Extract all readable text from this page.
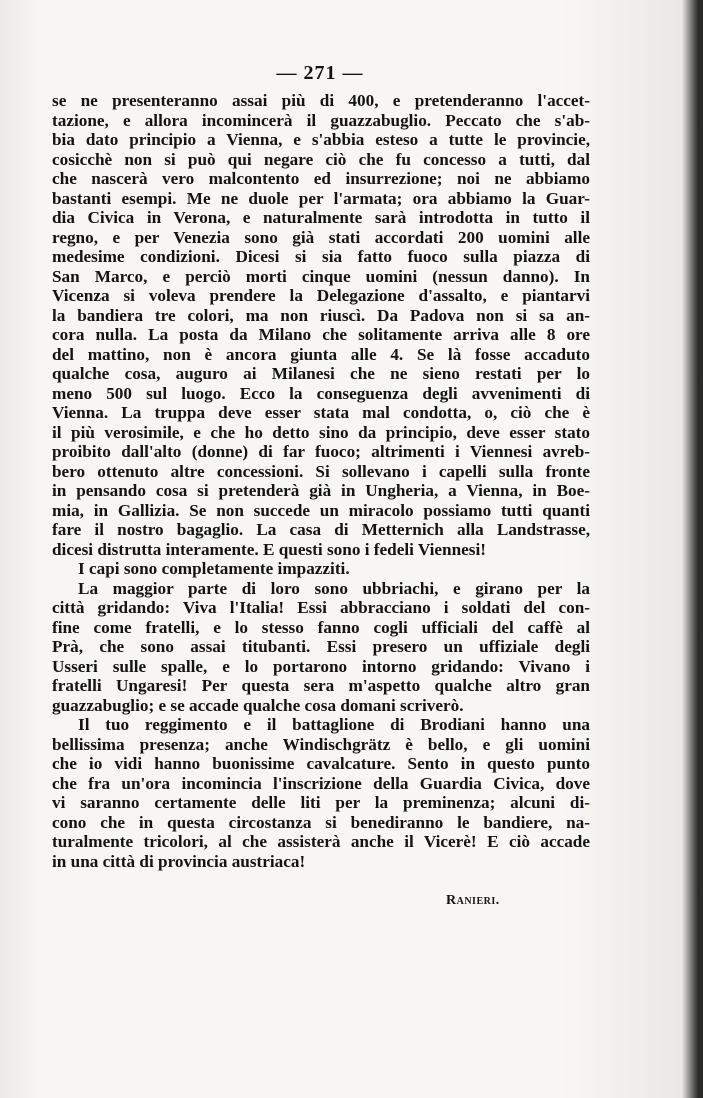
— 271 —
se ne presenteranno assai più di 400, e pretenderanno l'accet-
tazione, e allora incomincerà il guazzabuglio. Peccato che s'ab-
bia dato principio a Vienna, e s'abbia esteso a tutte le provincie,
cosicchè non si può qui negare ciò che fu concesso a tutti, dal
che nascerà vero malcontento ed insurrezione; noi ne abbiamo
bastanti esempi. Me ne duole per l'armata; ora abbiamo la Guar-
dia Civica in Verona, e naturalmente sarà introdotta in tutto il
regno, e per Venezia sono già stati accordati 200 uomini alle
medesime condizioni. Dicesi si sia fatto fuoco sulla piazza di
San Marco, e perciò morti cinque uomini (nessun danno). In
Vicenza si voleva prendere la Delegazione d'assalto, e piantarvi
la bandiera tre colori, ma non riuscì. Da Padova non si sa an-
cora nulla. La posta da Milano che solitamente arriva alle 8 ore
del mattino, non è ancora giunta alle 4. Se là fosse accaduto
qualche cosa, auguro ai Milanesi che ne sieno restati per lo
meno 500 sul luogo. Ecco la conseguenza degli avvenimenti di
Vienna. La truppa deve esser stata mal condotta, o, ciò che è
il più verosimile, e che ho detto sino da principio, deve esser stato
proibito dall'alto (donne) di far fuoco; altrimenti i Viennesi avreb-
bero ottenuto altre concessioni. Si sollevano i capelli sulla fronte
in pensando cosa si pretenderà già in Ungheria, a Vienna, in Boe-
mia, in Gallizia. Se non succede un miracolo possiamo tutti quanti
fare il nostro bagaglio. La casa di Metternich alla Landstrasse,
dicesi distrutta interamente. E questi sono i fedeli Viennesi!
I capi sono completamente impazziti.
La maggior parte di loro sono ubbriachi, e girano per la
città gridando: Viva l'Italia! Essi abbracciano i soldati del con-
fine come fratelli, e lo stesso fanno cogli ufficiali del caffè al
Prà, che sono assai titubanti. Essi presero un uffiziale degli
Usseri sulle spalle, e lo portarono intorno gridando: Vivano i
fratelli Ungaresi! Per questa sera m'aspetto qualche altro gran
guazzabuglio; e se accade qualche cosa domani scriverò.
Il tuo reggimento e il battaglione di Brodiani hanno una
bellissima presenza; anche Windischgrätz è bello, e gli uomini
che io vidi hanno buonissime cavalcature. Sento in questo punto
che fra un'ora incomincia l'inscrizione della Guardia Civica, dove
vi saranno certamente delle liti per la preminenza; alcuni di-
cono che in questa circostanza si benediranno le bandiere, na-
turalmente tricolori, al che assisterà anche il Vicerè! E ciò accade
in una città di provincia austriaca!
Ranieri.
